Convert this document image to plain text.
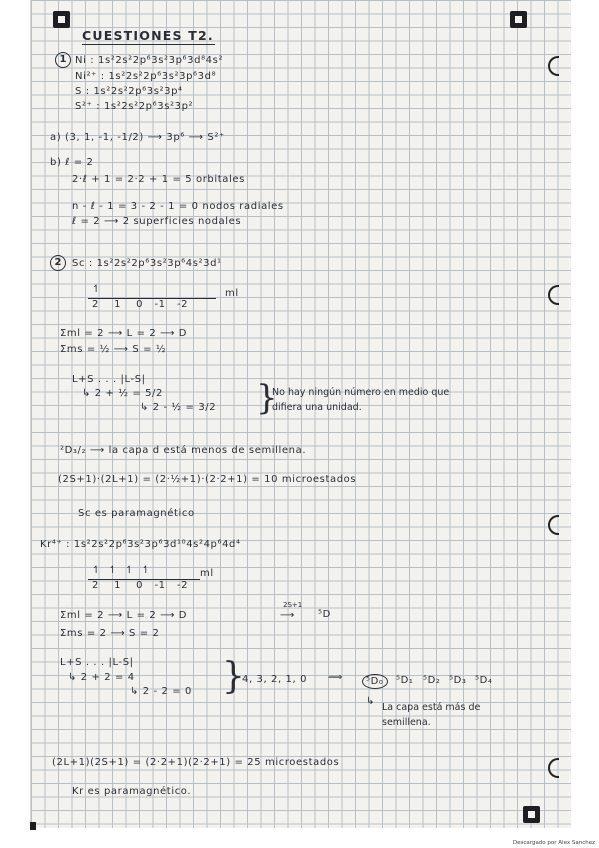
CUESTIONES T2.
1 Ni : 1s²2s²2p⁶3s²3p⁶3d⁸4s²
Ni²⁺ : 1s²2s²2p⁶3s²3p⁶3d⁸
S : 1s²2s²2p⁶3s²3p⁴
S²⁺ : 1s²2s²2p⁶3s²3p²
a) (3, 1, -1, -1/2) ⟶ 3p⁶ ⟶ S²⁺
b) ℓ = 2
2·ℓ + 1 = 2·2 + 1 = 5 orbitales
n - ℓ - 1 = 3 - 2 - 1 = 0 nodos radiales
ℓ = 2 ⟶ 2 superficies nodales
2	Sc : 1s²2s²2p⁶3s²3p⁶4s²3d¹
↿
2    1    0   -1   -2
ml
Σml = 2 ⟶ L = 2 ⟶ D
Σms = ½ ⟶ S = ½
L+S . . . |L-S|
↳ 2 + ½ = 5/2
↳ 2 - ½ = 3/2 }
No hay ningún número en medio que difiera una unidad.
²D₃/₂ ⟶ la capa d está menos de semillena.
(2S+1)·(2L+1) = (2·½+1)·(2·2+1) = 10 microestados
Sc es paramagnético
Kr⁴⁺ : 1s²2s²2p⁶3s²3p⁶3d¹⁰4s²4p⁶4d⁴
↿  ↿  ↿  ↿
2    1    0   -1   -2
ml
Σml = 2 ⟶ L = 2 ⟶ D
2S+1
⟶ ⁵D
Σms = 2 ⟶ S = 2
L+S . . . |L-S|
↳ 2 + 2 = 4
↳ 2 - 2 = 0 }
4, 3, 2, 1, 0 ⟹	⁵D₀	⁵D₁ ⁵D₂ ⁵D₃ ⁵D₄
↳
La capa está más de semillena.
(2L+1)(2S+1) = (2·2+1)(2·2+1) = 25 microestados
Kr es paramagnético.
Descargado por Alex Sanchez
